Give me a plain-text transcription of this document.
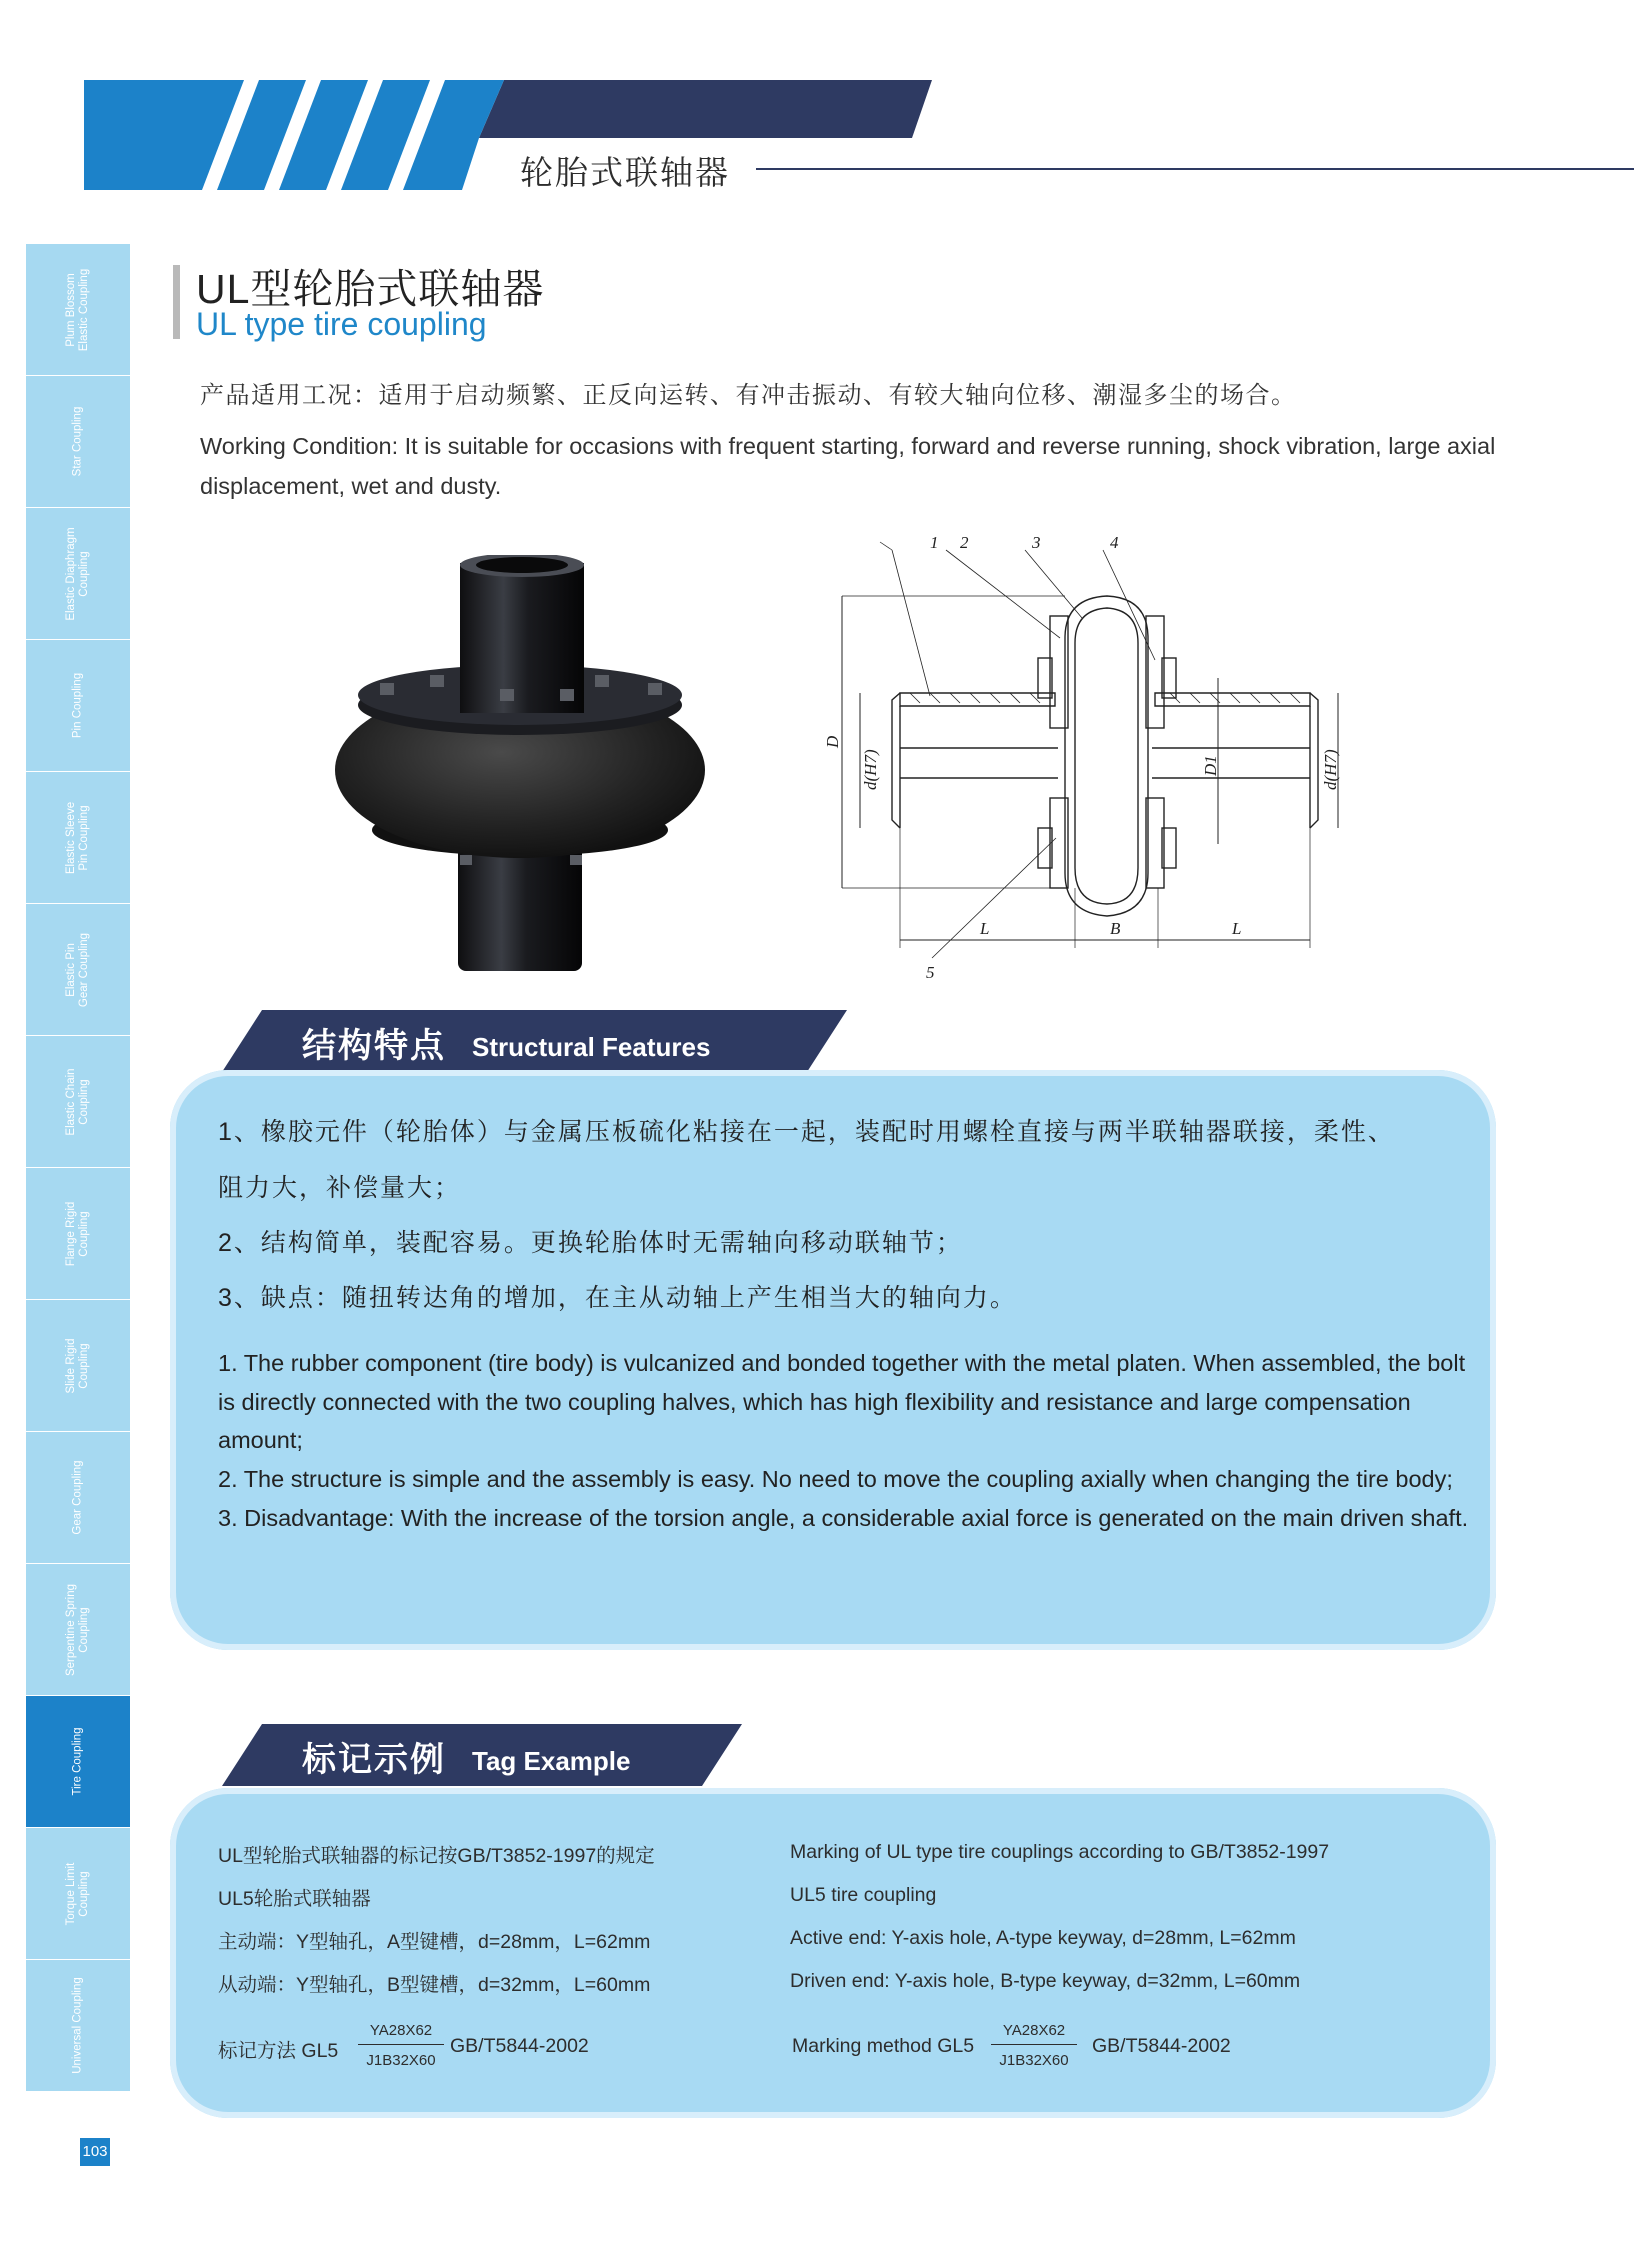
轮胎式联轴器
Plum Blossom
Elastic Coupling
Star Coupling
Elastic Diaphragm
Coupling
Pin Coupling
Elastic Sleeve
Pin Coupling
Elastic Pin
Gear Coupling
Elastic Chain
Coupling
Flange Rigid
Coupling
Slide Rigid
Coupling
Gear Coupling
Serpentine Spring
Coupling
Tire Coupling
Torque Limit
Coupling
Universal Coupling
103
UL型轮胎式联轴器
UL type tire coupling
产品适用工况：适用于启动频繁、正反向运转、有冲击振动、有较大轴向位移、潮湿多尘的场合。
Working Condition: It is suitable for occasions with frequent starting, forward and reverse running, shock vibration, large axial displacement, wet and dusty.
1 2	3	4
5
d(H7)
D
D1	d(H7)
L	B	L
结构特点 Structural Features
1、橡胶元件（轮胎体）与金属压板硫化粘接在一起，装配时用螺栓直接与两半联轴器联接，柔性、
阻力大，补偿量大；
2、结构简单，装配容易。更换轮胎体时无需轴向移动联轴节；
3、缺点：随扭转达角的增加，在主从动轴上产生相当大的轴向力。
1. The rubber component (tire body) is vulcanized and bonded together with the metal platen. When assembled, the bolt is directly connected with the two coupling halves, which has high flexibility and resistance and large compensation amount;
2. The structure is simple and the assembly is easy. No need to move the coupling axially when changing the tire body;
3. Disadvantage: With the increase of the torsion angle, a considerable axial force is generated on the main driven shaft.
标记示例 Tag Example
UL型轮胎式联轴器的标记按GB/T3852-1997的规定
UL5轮胎式联轴器
主动端：Y型轴孔，A型键槽，d=28mm，L=62mm
从动端：Y型轴孔，B型键槽，d=32mm，L=60mm
Marking of UL type tire couplings according to GB/T3852-1997
UL5 tire coupling
Active end: Y-axis hole, A-type keyway, d=28mm, L=62mm
Driven end: Y-axis hole, B-type keyway, d=32mm, L=60mm
标记方法 GL5
YA28X62
J1B32X60
GB/T5844-2002	Marking method GL5
YA28X62
J1B32X60
GB/T5844-2002
